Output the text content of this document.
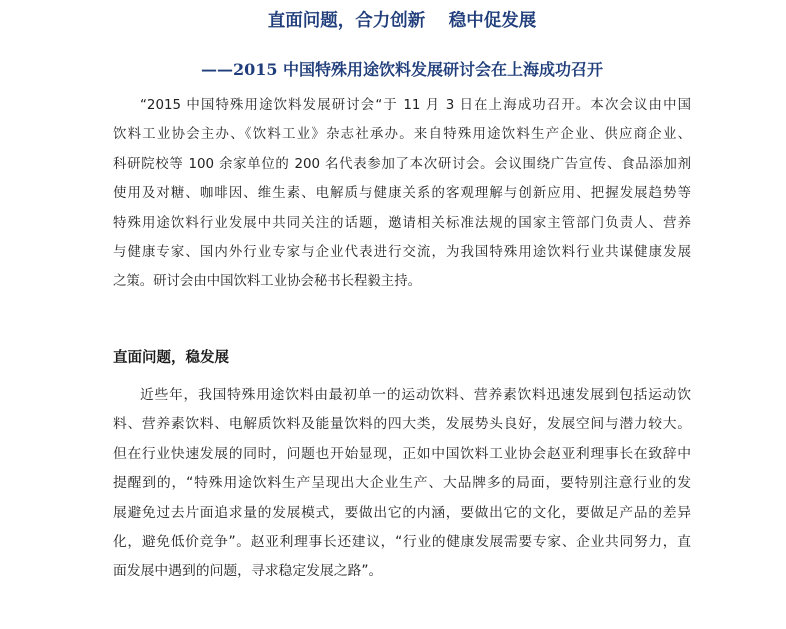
直面问题，合力创新　 稳中促发展
——2015 中国特殊用途饮料发展研讨会在上海成功召开
“2015 中国特殊用途饮料发展研讨会“于 11 月 3 日在上海成功召开。本次会议由中国
饮料工业协会主办、《饮料工业》杂志社承办。来自特殊用途饮料生产企业、供应商企业、
科研院校等 100 余家单位的 200 名代表参加了本次研讨会。会议围绕广告宣传、食品添加剂
使用及对糖、咖啡因、维生素、电解质与健康关系的客观理解与创新应用、把握发展趋势等
特殊用途饮料行业发展中共同关注的话题，邀请相关标准法规的国家主管部门负责人、营养
与健康专家、国内外行业专家与企业代表进行交流，为我国特殊用途饮料行业共谋健康发展
之策。研讨会由中国饮料工业协会秘书长程毅主持。
直面问题，稳发展
近些年，我国特殊用途饮料由最初单一的运动饮料、营养素饮料迅速发展到包括运动饮
料、营养素饮料、电解质饮料及能量饮料的四大类，发展势头良好，发展空间与潜力较大。
但在行业快速发展的同时，问题也开始显现，正如中国饮料工业协会赵亚利理事长在致辞中
提醒到的，“特殊用途饮料生产呈现出大企业生产、大品牌多的局面，要特别注意行业的发
展避免过去片面追求量的发展模式，要做出它的内涵，要做出它的文化，要做足产品的差异
化，避免低价竞争”。赵亚利理事长还建议，“行业的健康发展需要专家、企业共同努力，直
面发展中遇到的问题，寻求稳定发展之路”。
